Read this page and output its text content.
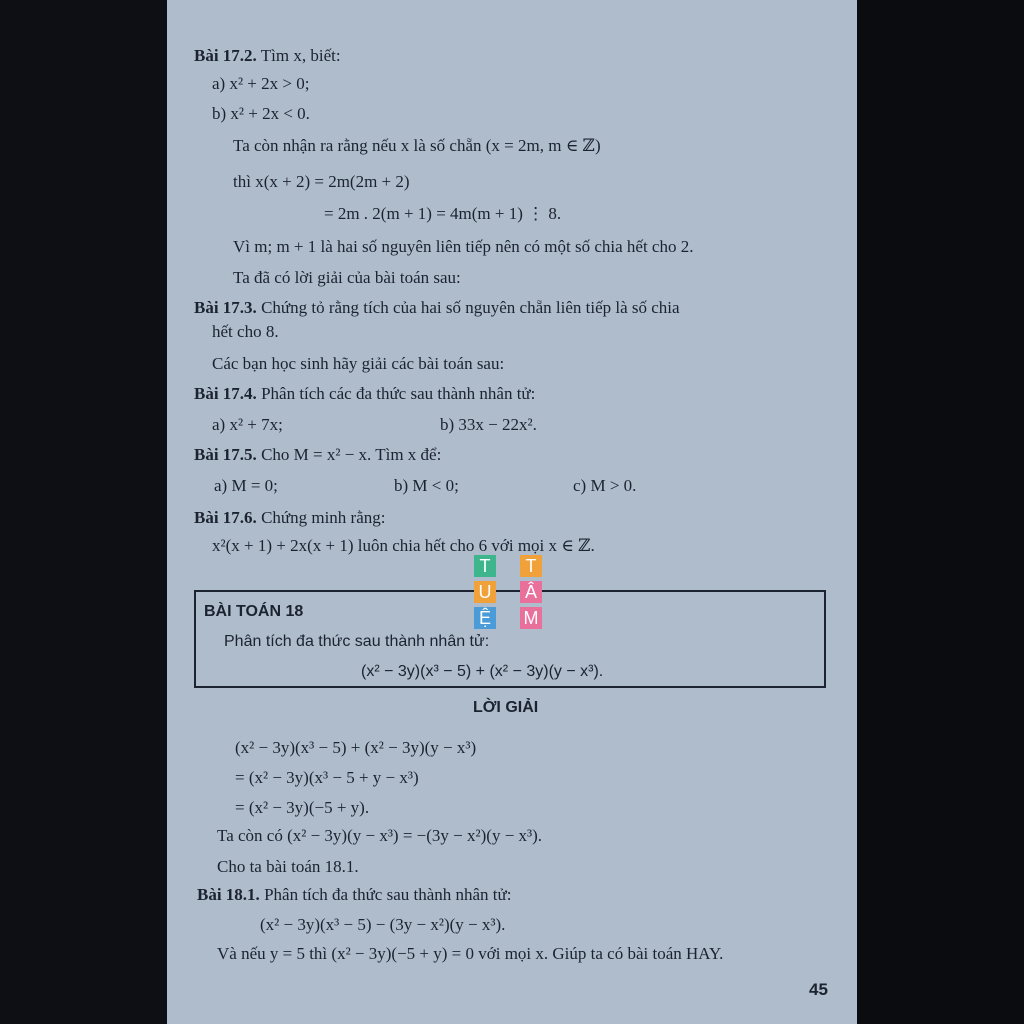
Bài 17.2. Tìm x, biết:
a) x² + 2x > 0;
b) x² + 2x < 0.
Ta còn nhận ra rằng nếu x là số chẵn (x = 2m, m ∈ ℤ)
thì x(x + 2) = 2m(2m + 2)
= 2m . 2(m + 1) = 4m(m + 1) ⋮ 8.
Vì m; m + 1 là hai số nguyên liên tiếp nên có một số chia hết cho 2.
Ta đã có lời giải của bài toán sau:
Bài 17.3. Chứng tỏ rằng tích của hai số nguyên chẵn liên tiếp là số chia
hết cho 8.
Các bạn học sinh hãy giải các bài toán sau:
Bài 17.4. Phân tích các đa thức sau thành nhân tử:
a) x² + 7x;	b) 33x − 22x².
Bài 17.5. Cho M = x² − x. Tìm x để:
a) M = 0;	b) M < 0;	c) M > 0.
Bài 17.6. Chứng minh rằng:
x²(x + 1) + 2x(x + 1) luôn chia hết cho 6 với mọi x ∈ ℤ.
BÀI TOÁN 18
Phân tích đa thức sau thành nhân tử:
(x² − 3y)(x³ − 5) + (x² − 3y)(y − x³).
LỜI GIẢI
(x² − 3y)(x³ − 5) + (x² − 3y)(y − x³)
= (x² − 3y)(x³ − 5 + y − x³)
= (x² − 3y)(−5 + y).
Ta còn có (x² − 3y)(y − x³) = −(3y − x²)(y − x³).
Cho ta bài toán 18.1.
Bài 18.1. Phân tích đa thức sau thành nhân tử:
(x² − 3y)(x³ − 5) − (3y − x²)(y − x³).
Và nếu y = 5 thì (x² − 3y)(−5 + y) = 0 với mọi x. Giúp ta có bài toán HAY.
45
T	T
U Â
Ệ M
